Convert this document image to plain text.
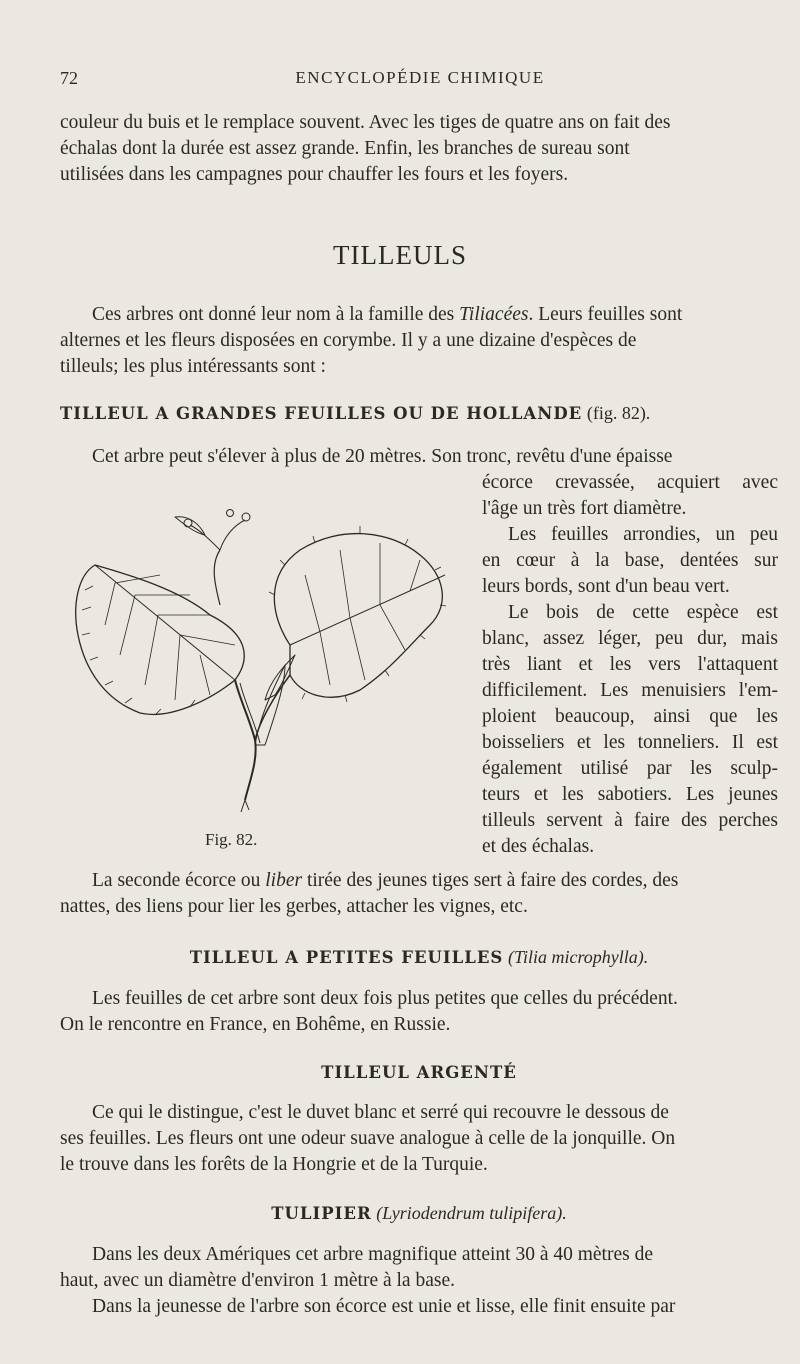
72	ENCYCLOPÉDIE CHIMIQUE
couleur du buis et le remplace souvent. Avec les tiges de quatre ans on fait des
échalas dont la durée est assez grande. Enfin, les branches de sureau sont
utilisées dans les campagnes pour chauffer les fours et les foyers.
TILLEULS
Ces arbres ont donné leur nom à la famille des Tiliacées. Leurs feuilles sont
alternes et les fleurs disposées en corymbe. Il y a une dizaine d'espèces de
tilleuls; les plus intéressants sont :
TILLEUL A GRANDES FEUILLES OU DE HOLLANDE (fig. 82).
Cet arbre peut s'élever à plus de 20 mètres. Son tronc, revêtu d'une épaisse
écorce crevassée, acquiert avec
l'âge un très fort diamètre.
Les feuilles arrondies, un peu
en cœur à la base, dentées sur
leurs bords, sont d'un beau vert.
Le bois de cette espèce est
blanc, assez léger, peu dur, mais
très liant et les vers l'attaquent
difficilement. Les menuisiers l'em-
ploient beaucoup, ainsi que les
boisseliers et les tonneliers. Il est
également utilisé par les sculp-
teurs et les sabotiers. Les jeunes
tilleuls servent à faire des perches
et des échalas.
Fig. 82.
La seconde écorce ou liber tirée des jeunes tiges sert à faire des cordes, des
nattes, des liens pour lier les gerbes, attacher les vignes, etc.
TILLEUL A PETITES FEUILLES (Tilia microphylla).
Les feuilles de cet arbre sont deux fois plus petites que celles du précédent.
On le rencontre en France, en Bohême, en Russie.
TILLEUL ARGENTÉ
Ce qui le distingue, c'est le duvet blanc et serré qui recouvre le dessous de
ses feuilles. Les fleurs ont une odeur suave analogue à celle de la jonquille. On
le trouve dans les forêts de la Hongrie et de la Turquie.
TULIPIER (Lyriodendrum tulipifera).
Dans les deux Amériques cet arbre magnifique atteint 30 à 40 mètres de
haut, avec un diamètre d'environ 1 mètre à la base.
Dans la jeunesse de l'arbre son écorce est unie et lisse, elle finit ensuite par
